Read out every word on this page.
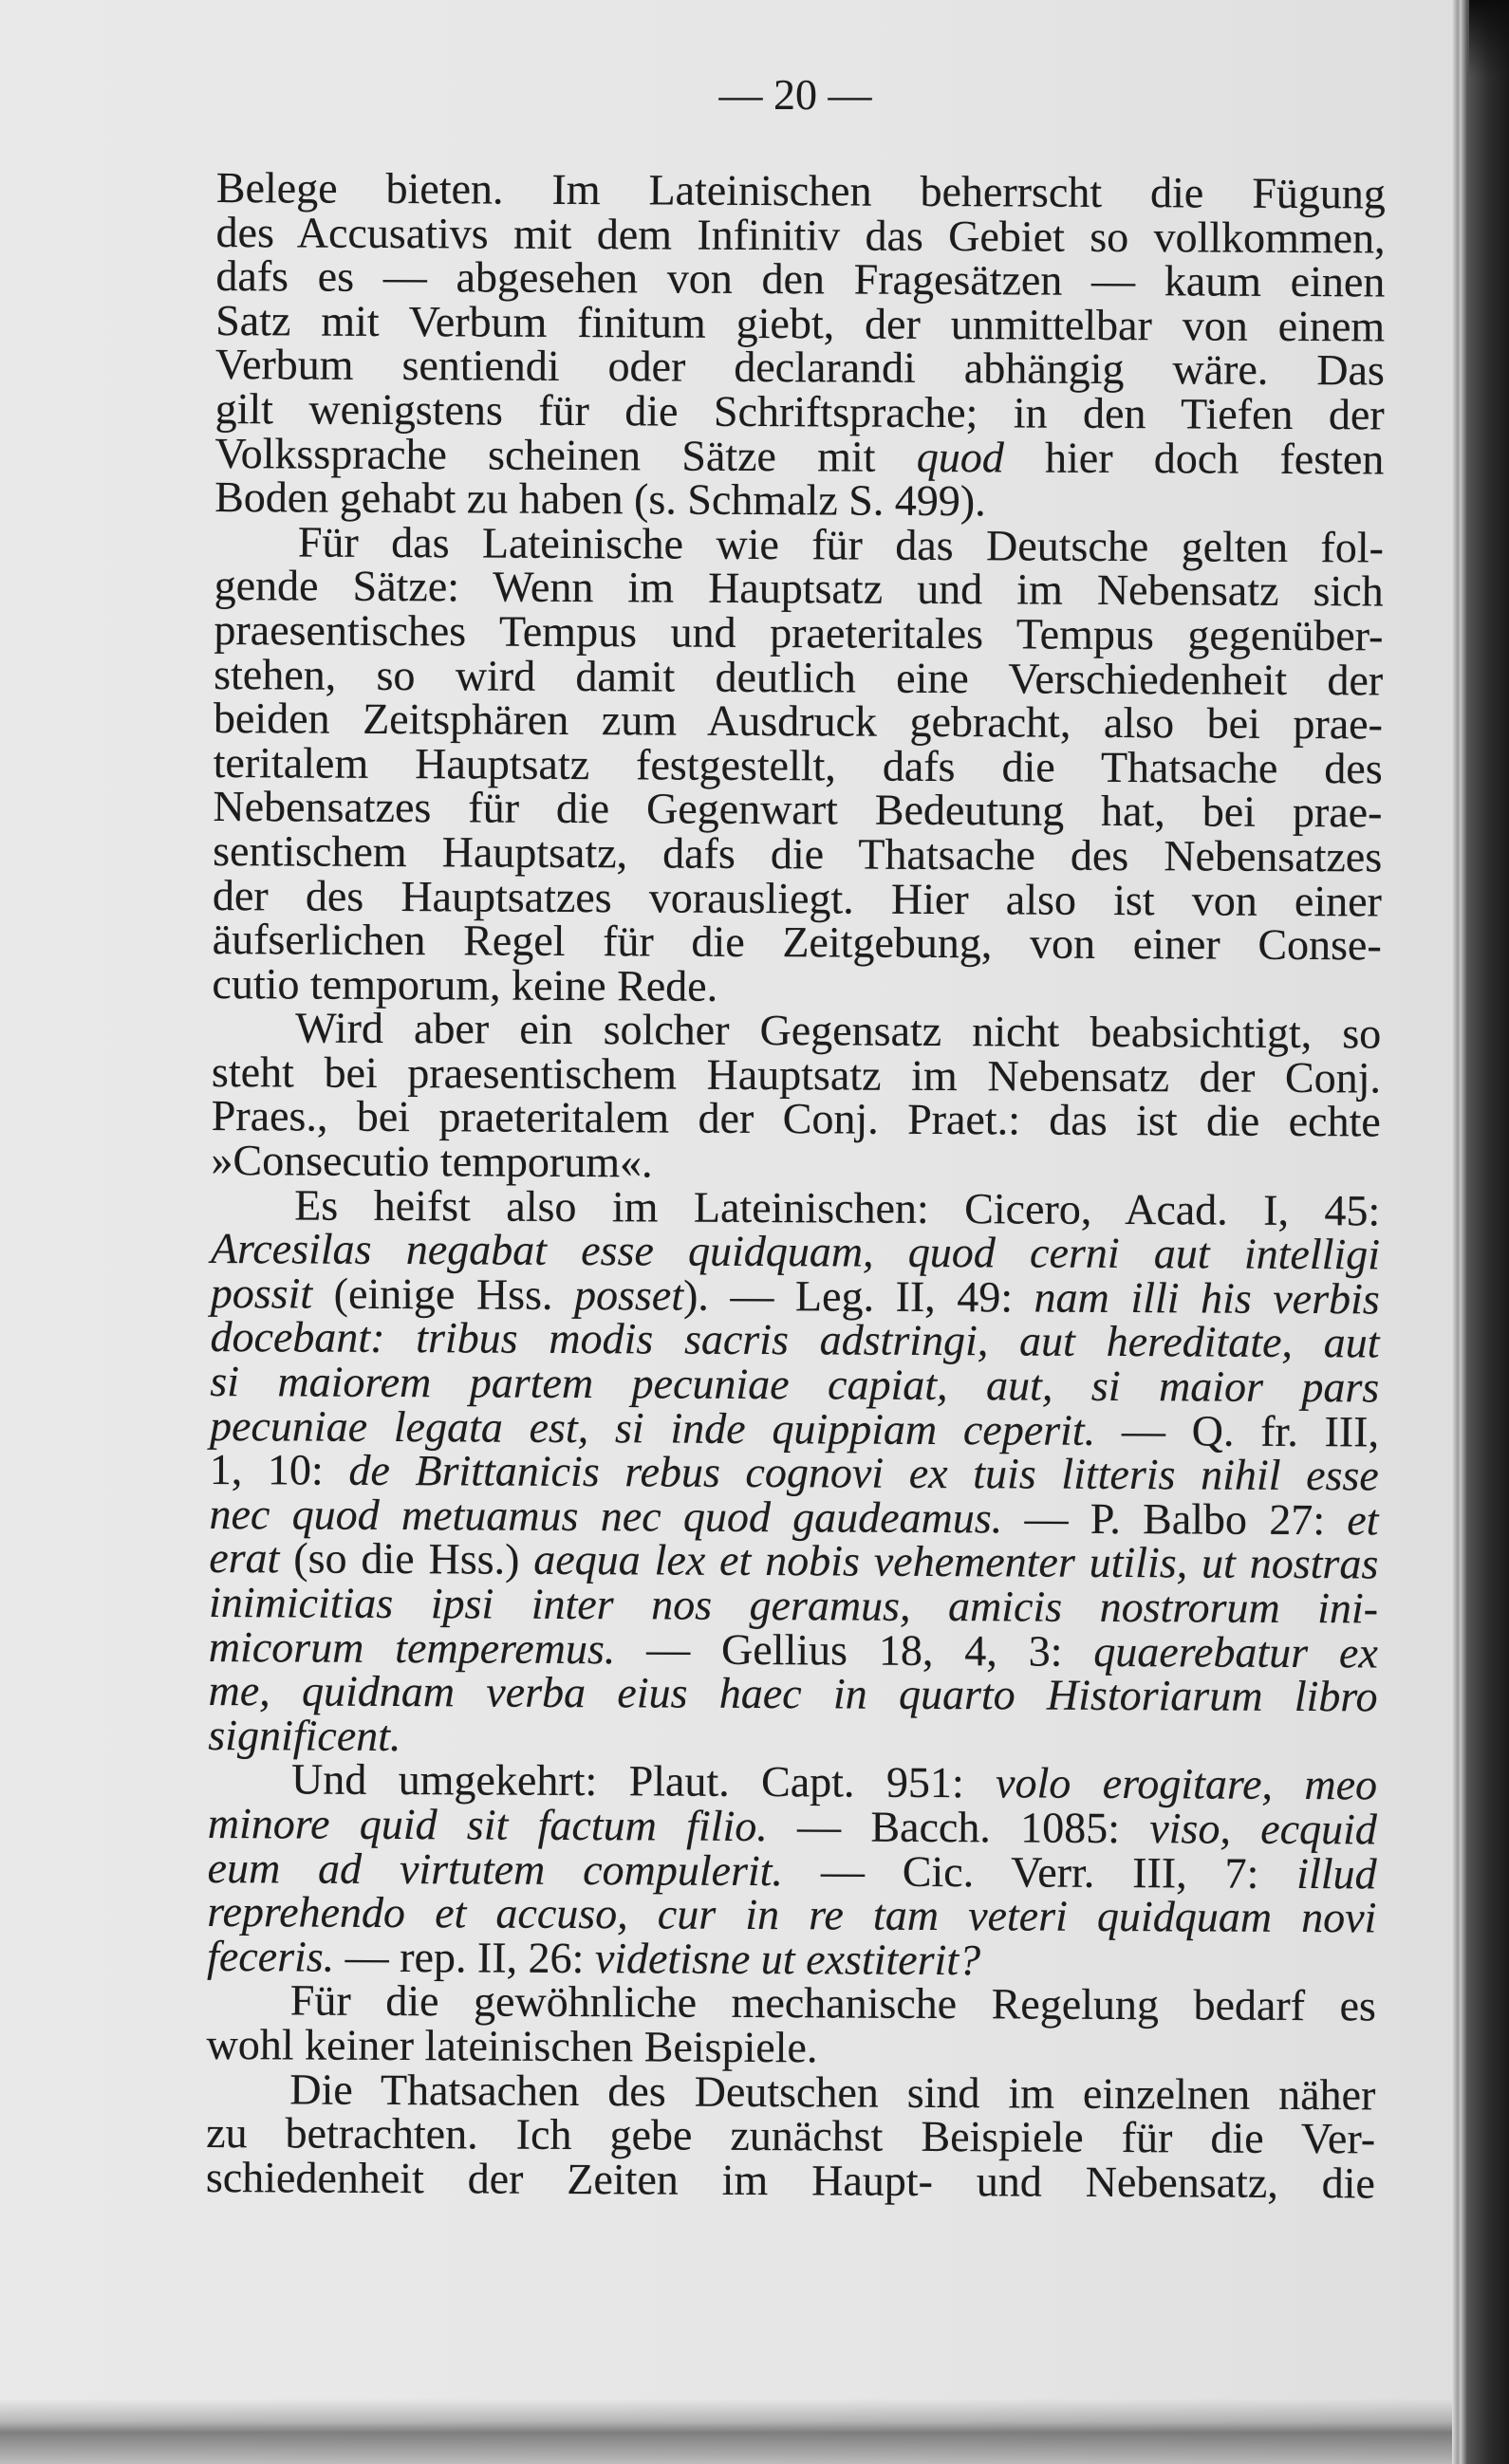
— 20 —
Belege bieten. Im Lateinischen beherrscht die Fügung
des Accusativs mit dem Infinitiv das Gebiet so vollkommen,
dafs es — abgesehen von den Fragesätzen — kaum einen
Satz mit Verbum finitum giebt, der unmittelbar von einem
Verbum sentiendi oder declarandi abhängig wäre. Das
gilt wenigstens für die Schriftsprache; in den Tiefen der
Volkssprache scheinen Sätze mit quod hier doch festen
Boden gehabt zu haben (s. Schmalz S. 499).
Für das Lateinische wie für das Deutsche gelten fol-
gende Sätze: Wenn im Hauptsatz und im Nebensatz sich
praesentisches Tempus und praeteritales Tempus gegenüber-
stehen, so wird damit deutlich eine Verschiedenheit der
beiden Zeitsphären zum Ausdruck gebracht, also bei prae-
teritalem Hauptsatz festgestellt, dafs die Thatsache des
Nebensatzes für die Gegenwart Bedeutung hat, bei prae-
sentischem Hauptsatz, dafs die Thatsache des Nebensatzes
der des Hauptsatzes vorausliegt. Hier also ist von einer
äufserlichen Regel für die Zeitgebung, von einer Conse-
cutio temporum, keine Rede.
Wird aber ein solcher Gegensatz nicht beabsichtigt, so
steht bei praesentischem Hauptsatz im Nebensatz der Conj.
Praes., bei praeteritalem der Conj. Praet.: das ist die echte
»Consecutio temporum«.
Es heifst also im Lateinischen: Cicero, Acad. I, 45:
Arcesilas negabat esse quidquam, quod cerni aut intelligi
possit (einige Hss. posset). — Leg. II, 49: nam illi his verbis
docebant: tribus modis sacris adstringi, aut hereditate, aut
si maiorem partem pecuniae capiat, aut, si maior pars
pecuniae legata est, si inde quippiam ceperit. — Q. fr. III,
1, 10: de Brittanicis rebus cognovi ex tuis litteris nihil esse
nec quod metuamus nec quod gaudeamus. — P. Balbo 27: et
erat (so die Hss.) aequa lex et nobis vehementer utilis, ut nostras
inimicitias ipsi inter nos geramus, amicis nostrorum ini-
micorum temperemus. — Gellius 18, 4, 3: quaerebatur ex
me, quidnam verba eius haec in quarto Historiarum libro
significent.
Und umgekehrt: Plaut. Capt. 951: volo erogitare, meo
minore quid sit factum filio. — Bacch. 1085: viso, ecquid
eum ad virtutem compulerit. — Cic. Verr. III, 7: illud
reprehendo et accuso, cur in re tam veteri quidquam novi
feceris. — rep. II, 26: videtisne ut exstiterit?
Für die gewöhnliche mechanische Regelung bedarf es
wohl keiner lateinischen Beispiele.
Die Thatsachen des Deutschen sind im einzelnen näher
zu betrachten. Ich gebe zunächst Beispiele für die Ver-
schiedenheit der Zeiten im Haupt- und Nebensatz, die
